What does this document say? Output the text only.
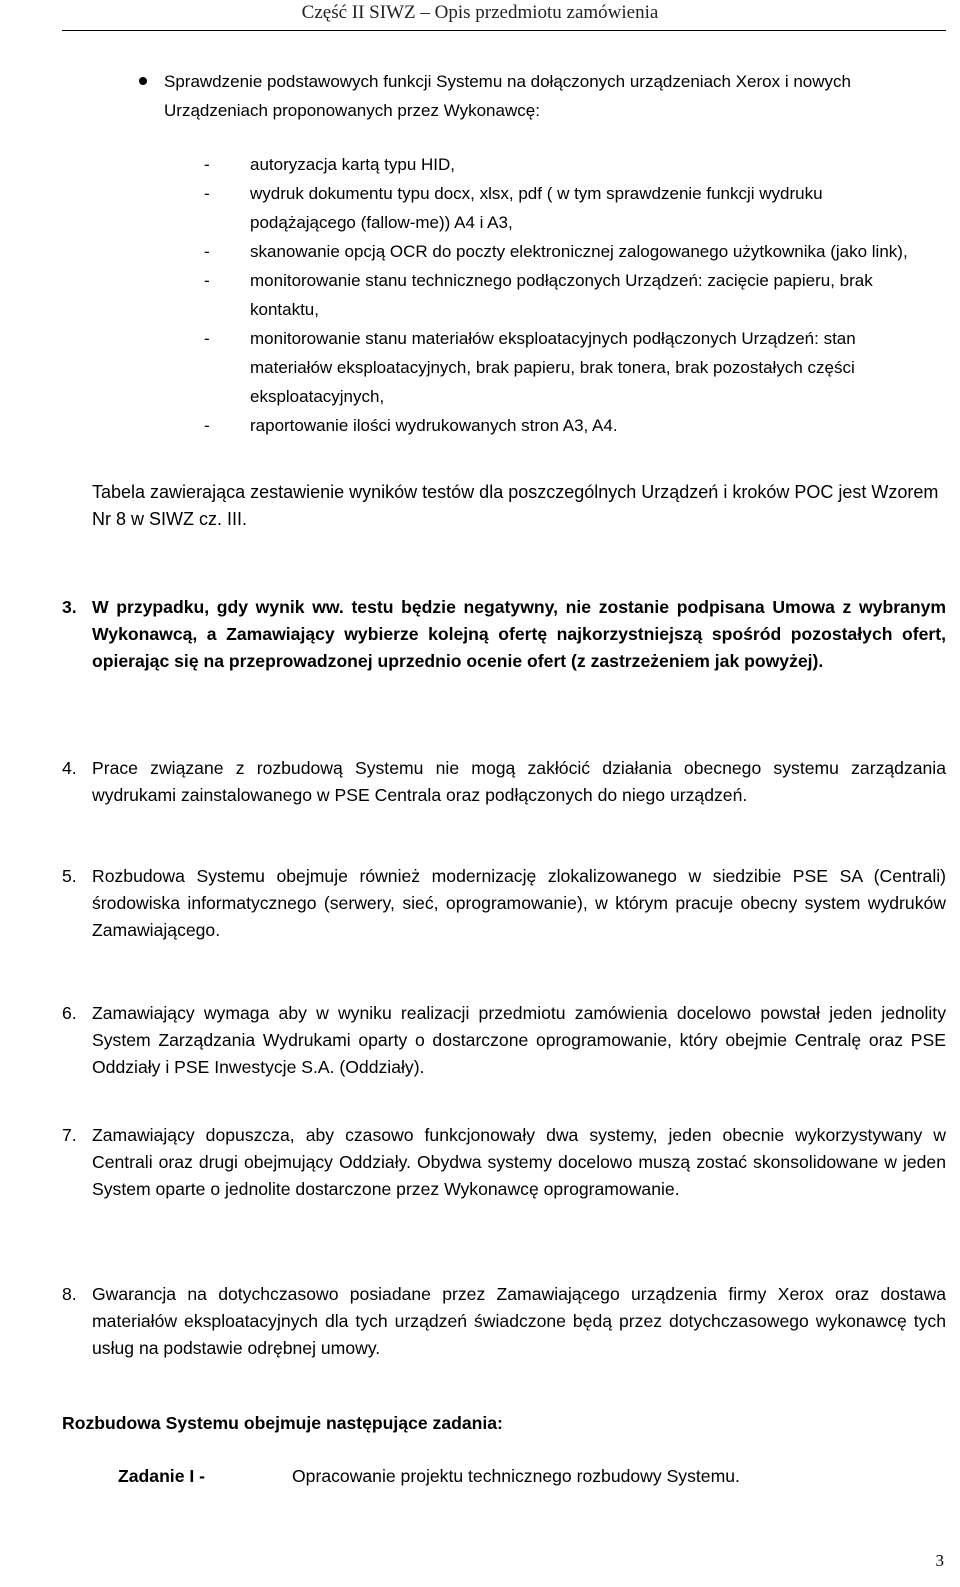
Część II SIWZ – Opis przedmiotu zamówienia
Sprawdzenie podstawowych funkcji Systemu na dołączonych urządzeniach Xerox i nowych Urządzeniach proponowanych przez Wykonawcę:
- autoryzacja kartą typu HID,
- wydruk dokumentu typu docx, xlsx, pdf ( w tym sprawdzenie funkcji wydruku podążającego (fallow-me)) A4 i A3,
- skanowanie opcją OCR do poczty elektronicznej zalogowanego użytkownika (jako link),
- monitorowanie stanu technicznego podłączonych Urządzeń: zacięcie papieru, brak kontaktu,
- monitorowanie stanu materiałów eksploatacyjnych podłączonych Urządzeń: stan materiałów eksploatacyjnych, brak papieru, brak tonera, brak pozostałych części eksploatacyjnych,
- raportowanie ilości wydrukowanych stron A3, A4.
Tabela zawierająca zestawienie wyników testów dla poszczególnych Urządzeń i kroków POC jest Wzorem Nr 8 w SIWZ cz. III.
3. W przypadku, gdy wynik ww. testu będzie negatywny, nie zostanie podpisana Umowa z wybranym Wykonawcą, a Zamawiający wybierze kolejną ofertę najkorzystniejszą spośród pozostałych ofert, opierając się na przeprowadzonej uprzednio ocenie ofert (z zastrzeżeniem jak powyżej).
4. Prace związane z rozbudową Systemu nie mogą zakłócić działania obecnego systemu zarządzania wydrukami zainstalowanego w PSE Centrala oraz podłączonych do niego urządzeń.
5. Rozbudowa Systemu obejmuje również modernizację zlokalizowanego w siedzibie PSE SA (Centrali) środowiska informatycznego (serwery, sieć, oprogramowanie), w którym pracuje obecny system wydruków Zamawiającego.
6. Zamawiający wymaga aby w wyniku realizacji przedmiotu zamówienia docelowo powstał jeden jednolity System Zarządzania Wydrukami oparty o dostarczone oprogramowanie, który obejmie Centralę oraz PSE Oddziały i PSE Inwestycje S.A. (Oddziały).
7. Zamawiający dopuszcza, aby czasowo funkcjonowały dwa systemy, jeden obecnie wykorzystywany w Centrali oraz drugi obejmujący Oddziały. Obydwa systemy docelowo muszą zostać skonsolidowane w jeden System oparte o jednolite dostarczone przez Wykonawcę oprogramowanie.
8. Gwarancja na dotychczasowo posiadane przez Zamawiającego urządzenia firmy Xerox oraz dostawa materiałów eksploatacyjnych dla tych urządzeń świadczone będą przez dotychczasowego wykonawcę tych usług na podstawie odrębnej umowy.
Rozbudowa Systemu obejmuje następujące zadania:
Zadanie I -	Opracowanie projektu technicznego rozbudowy Systemu.
3
